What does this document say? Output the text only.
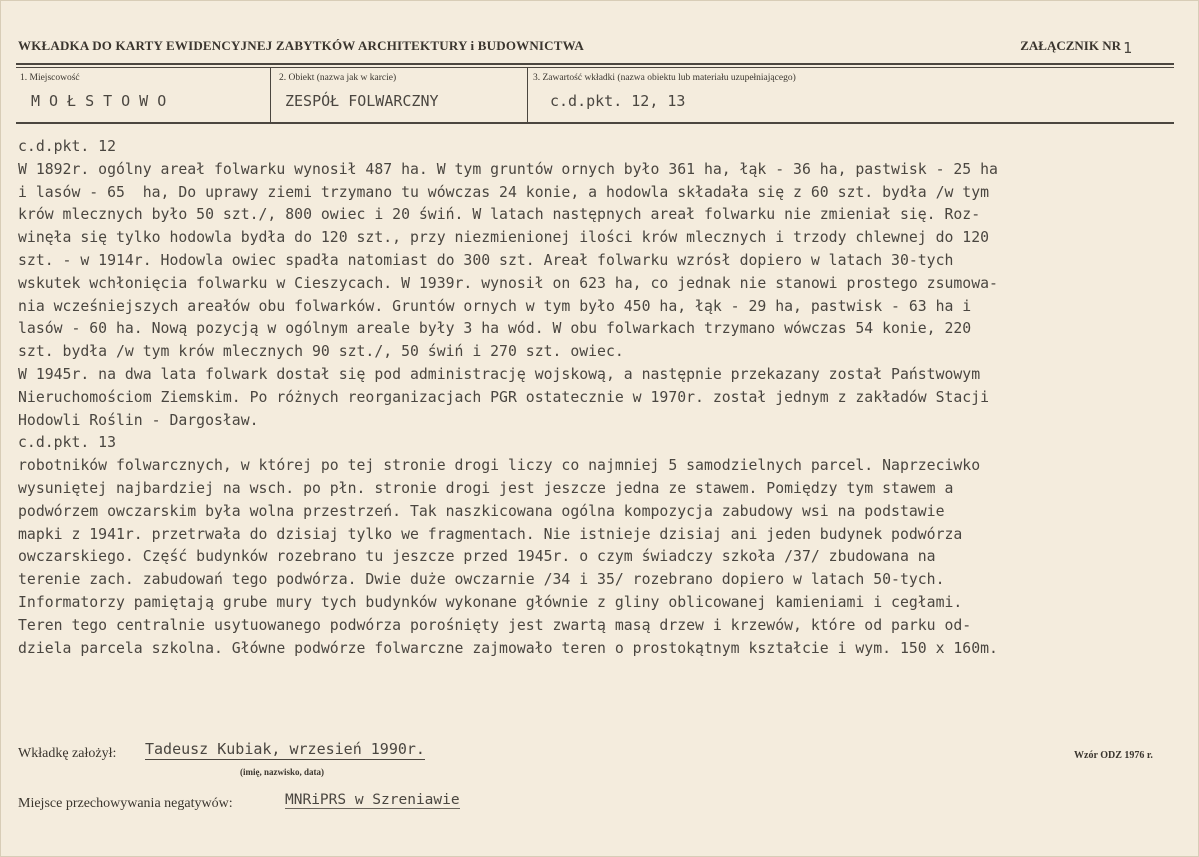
WKŁADKA DO KARTY EWIDENCYJNEJ ZABYTKÓW ARCHITEKTURY i BUDOWNICTWA	ZAŁĄCZNIK NR 1
1. Miejscowość
MOŁSTOWO
2. Obiekt (nazwa jak w karcie)
ZESPÓŁ FOLWARCZNY
3. Zawartość wkładki (nazwa obiektu lub materiału uzupełniającego)
c.d.pkt. 12, 13
c.d.pkt. 12
W 1892r. ogólny areał folwarku wynosił 487 ha. W tym gruntów ornych było 361 ha, łąk - 36 ha, pastwisk - 25 ha
i lasów - 65  ha, Do uprawy ziemi trzymano tu wówczas 24 konie, a hodowla składała się z 60 szt. bydła /w tym
krów mlecznych było 50 szt./, 800 owiec i 20 świń. W latach następnych areał folwarku nie zmieniał się. Roz-
winęła się tylko hodowla bydła do 120 szt., przy niezmienionej ilości krów mlecznych i trzody chlewnej do 120
szt. - w 1914r. Hodowla owiec spadła natomiast do 300 szt. Areał folwarku wzrósł dopiero w latach 30-tych
wskutek wchłonięcia folwarku w Cieszycach. W 1939r. wynosił on 623 ha, co jednak nie stanowi prostego zsumowa-
nia wcześniejszych areałów obu folwarków. Gruntów ornych w tym było 450 ha, łąk - 29 ha, pastwisk - 63 ha i
lasów - 60 ha. Nową pozycją w ogólnym areale były 3 ha wód. W obu folwarkach trzymano wówczas 54 konie, 220
szt. bydła /w tym krów mlecznych 90 szt./, 50 świń i 270 szt. owiec.
W 1945r. na dwa lata folwark dostał się pod administrację wojskową, a następnie przekazany został Państwowym
Nieruchomościom Ziemskim. Po różnych reorganizacjach PGR ostatecznie w 1970r. został jednym z zakładów Stacji
Hodowli Roślin - Dargosław.
c.d.pkt. 13
robotników folwarcznych, w której po tej stronie drogi liczy co najmniej 5 samodzielnych parcel. Naprzeciwko
wysuniętej najbardziej na wsch. po płn. stronie drogi jest jeszcze jedna ze stawem. Pomiędzy tym stawem a
podwórzem owczarskim była wolna przestrzeń. Tak naszkicowana ogólna kompozycja zabudowy wsi na podstawie
mapki z 1941r. przetrwała do dzisiaj tylko we fragmentach. Nie istnieje dzisiaj ani jeden budynek podwórza
owczarskiego. Część budynków rozebrano tu jeszcze przed 1945r. o czym świadczy szkoła /37/ zbudowana na
terenie zach. zabudowań tego podwórza. Dwie duże owczarnie /34 i 35/ rozebrano dopiero w latach 50-tych.
Informatorzy pamiętają grube mury tych budynków wykonane głównie z gliny oblicowanej kamieniami i cegłami.
Teren tego centralnie usytuowanego podwórza porośnięty jest zwartą masą drzew i krzewów, które od parku od-
dziela parcela szkolna. Główne podwórze folwarczne zajmowało teren o prostokątnym kształcie i wym. 150 x 160m.
Wkładkę założył: Tadeusz Kubiak, wrzesień 1990r.
(imię, nazwisko, data)
Wzór ODZ 1976 r.
Miejsce przechowywania negatywów:	MNRiPRS w Szreniawie
